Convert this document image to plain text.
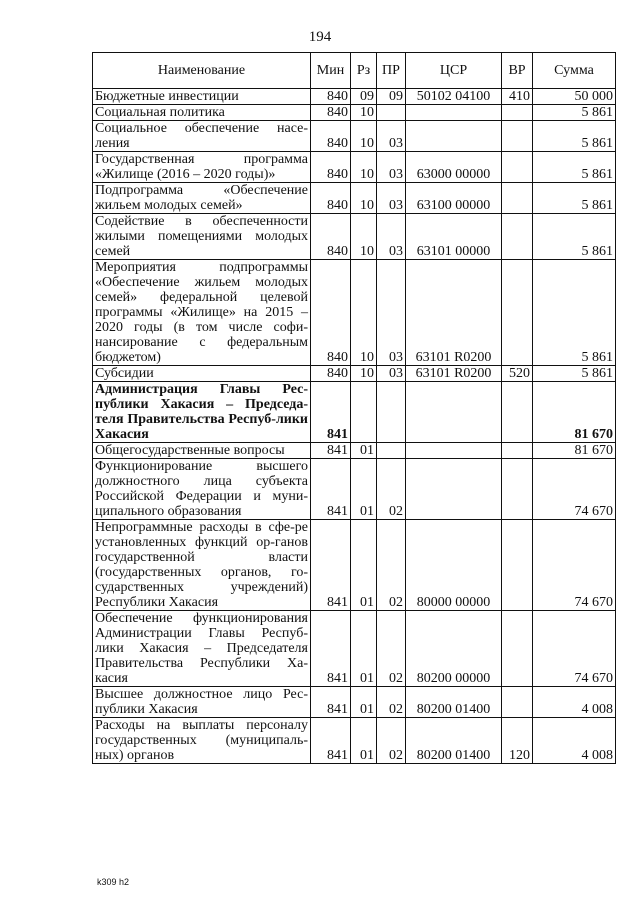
194
Наименование	Мин	Рз	ПР	ЦСР	ВР	Сумма
Бюджетные инвестиции	840	09	09	50102 04100	410	50 000
Социальная политика	840	10				5 861
Социальное обеспечение насе-ления	840	10	03			5 861
Государственная программа «Жилище (2016 – 2020 годы)»	840	10	03	63000 00000		5 861
Подпрограмма «Обеспечение жильем молодых семей»	840	10	03	63100 00000		5 861
Содействие в обеспеченности жилыми помещениями молодых семей	840	10	03	63101 00000		5 861
Мероприятия подпрограммы «Обеспечение жильем молодых семей» федеральной целевой программы «Жилище» на 2015 – 2020 годы (в том числе софи-нансирование с федеральным бюджетом)	840	10	03	63101 R0200		5 861
Субсидии	840	10	03	63101 R0200	520	5 861
Администрация Главы Рес-публики Хакасия – Председа-теля Правительства Респуб-лики Хакасия	841					81 670
Общегосударственные вопросы	841	01				81 670
Функционирование высшего должностного лица субъекта Российской Федерации и муни-ципального образования	841	01	02			74 670
Непрограммные расходы в сфе-ре установленных функций ор-ганов государственной власти (государственных органов, го-сударственных учреждений) Республики Хакасия	841	01	02	80000 00000		74 670
Обеспечение функционирования Администрации Главы Респуб-лики Хакасия – Председателя Правительства Республики Ха-касия	841	01	02	80200 00000		74 670
Высшее должностное лицо Рес-публики Хакасия	841	01	02	80200 01400		4 008
Расходы на выплаты персоналу государственных (муниципаль-ных) органов	841	01	02	80200 01400	120	4 008
k309 h2
